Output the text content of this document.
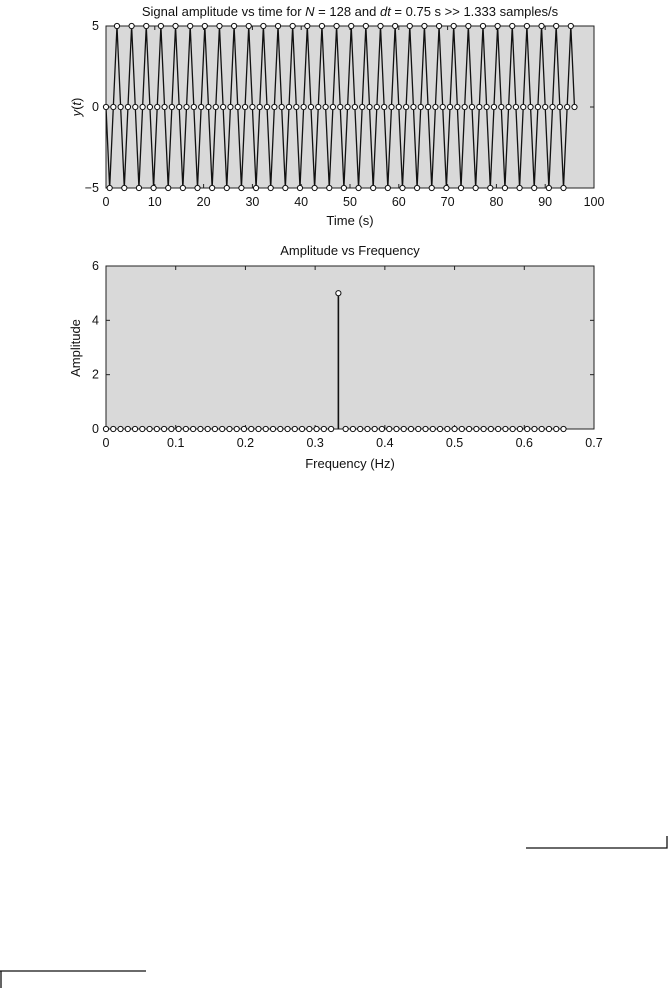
Signal amplitude vs time for N = 128 and dt = 0.75 s >> 1.333 samples/s
0	10	20	30	40	50	60	70	80	90	100
−5
0
5
Time (s)
y(t)
Amplitude vs Frequency
0	0.1	0.2	0.3	0.4	0.5	0.6	0.7
0
2
4
6
Frequency (Hz)
Amplitude
